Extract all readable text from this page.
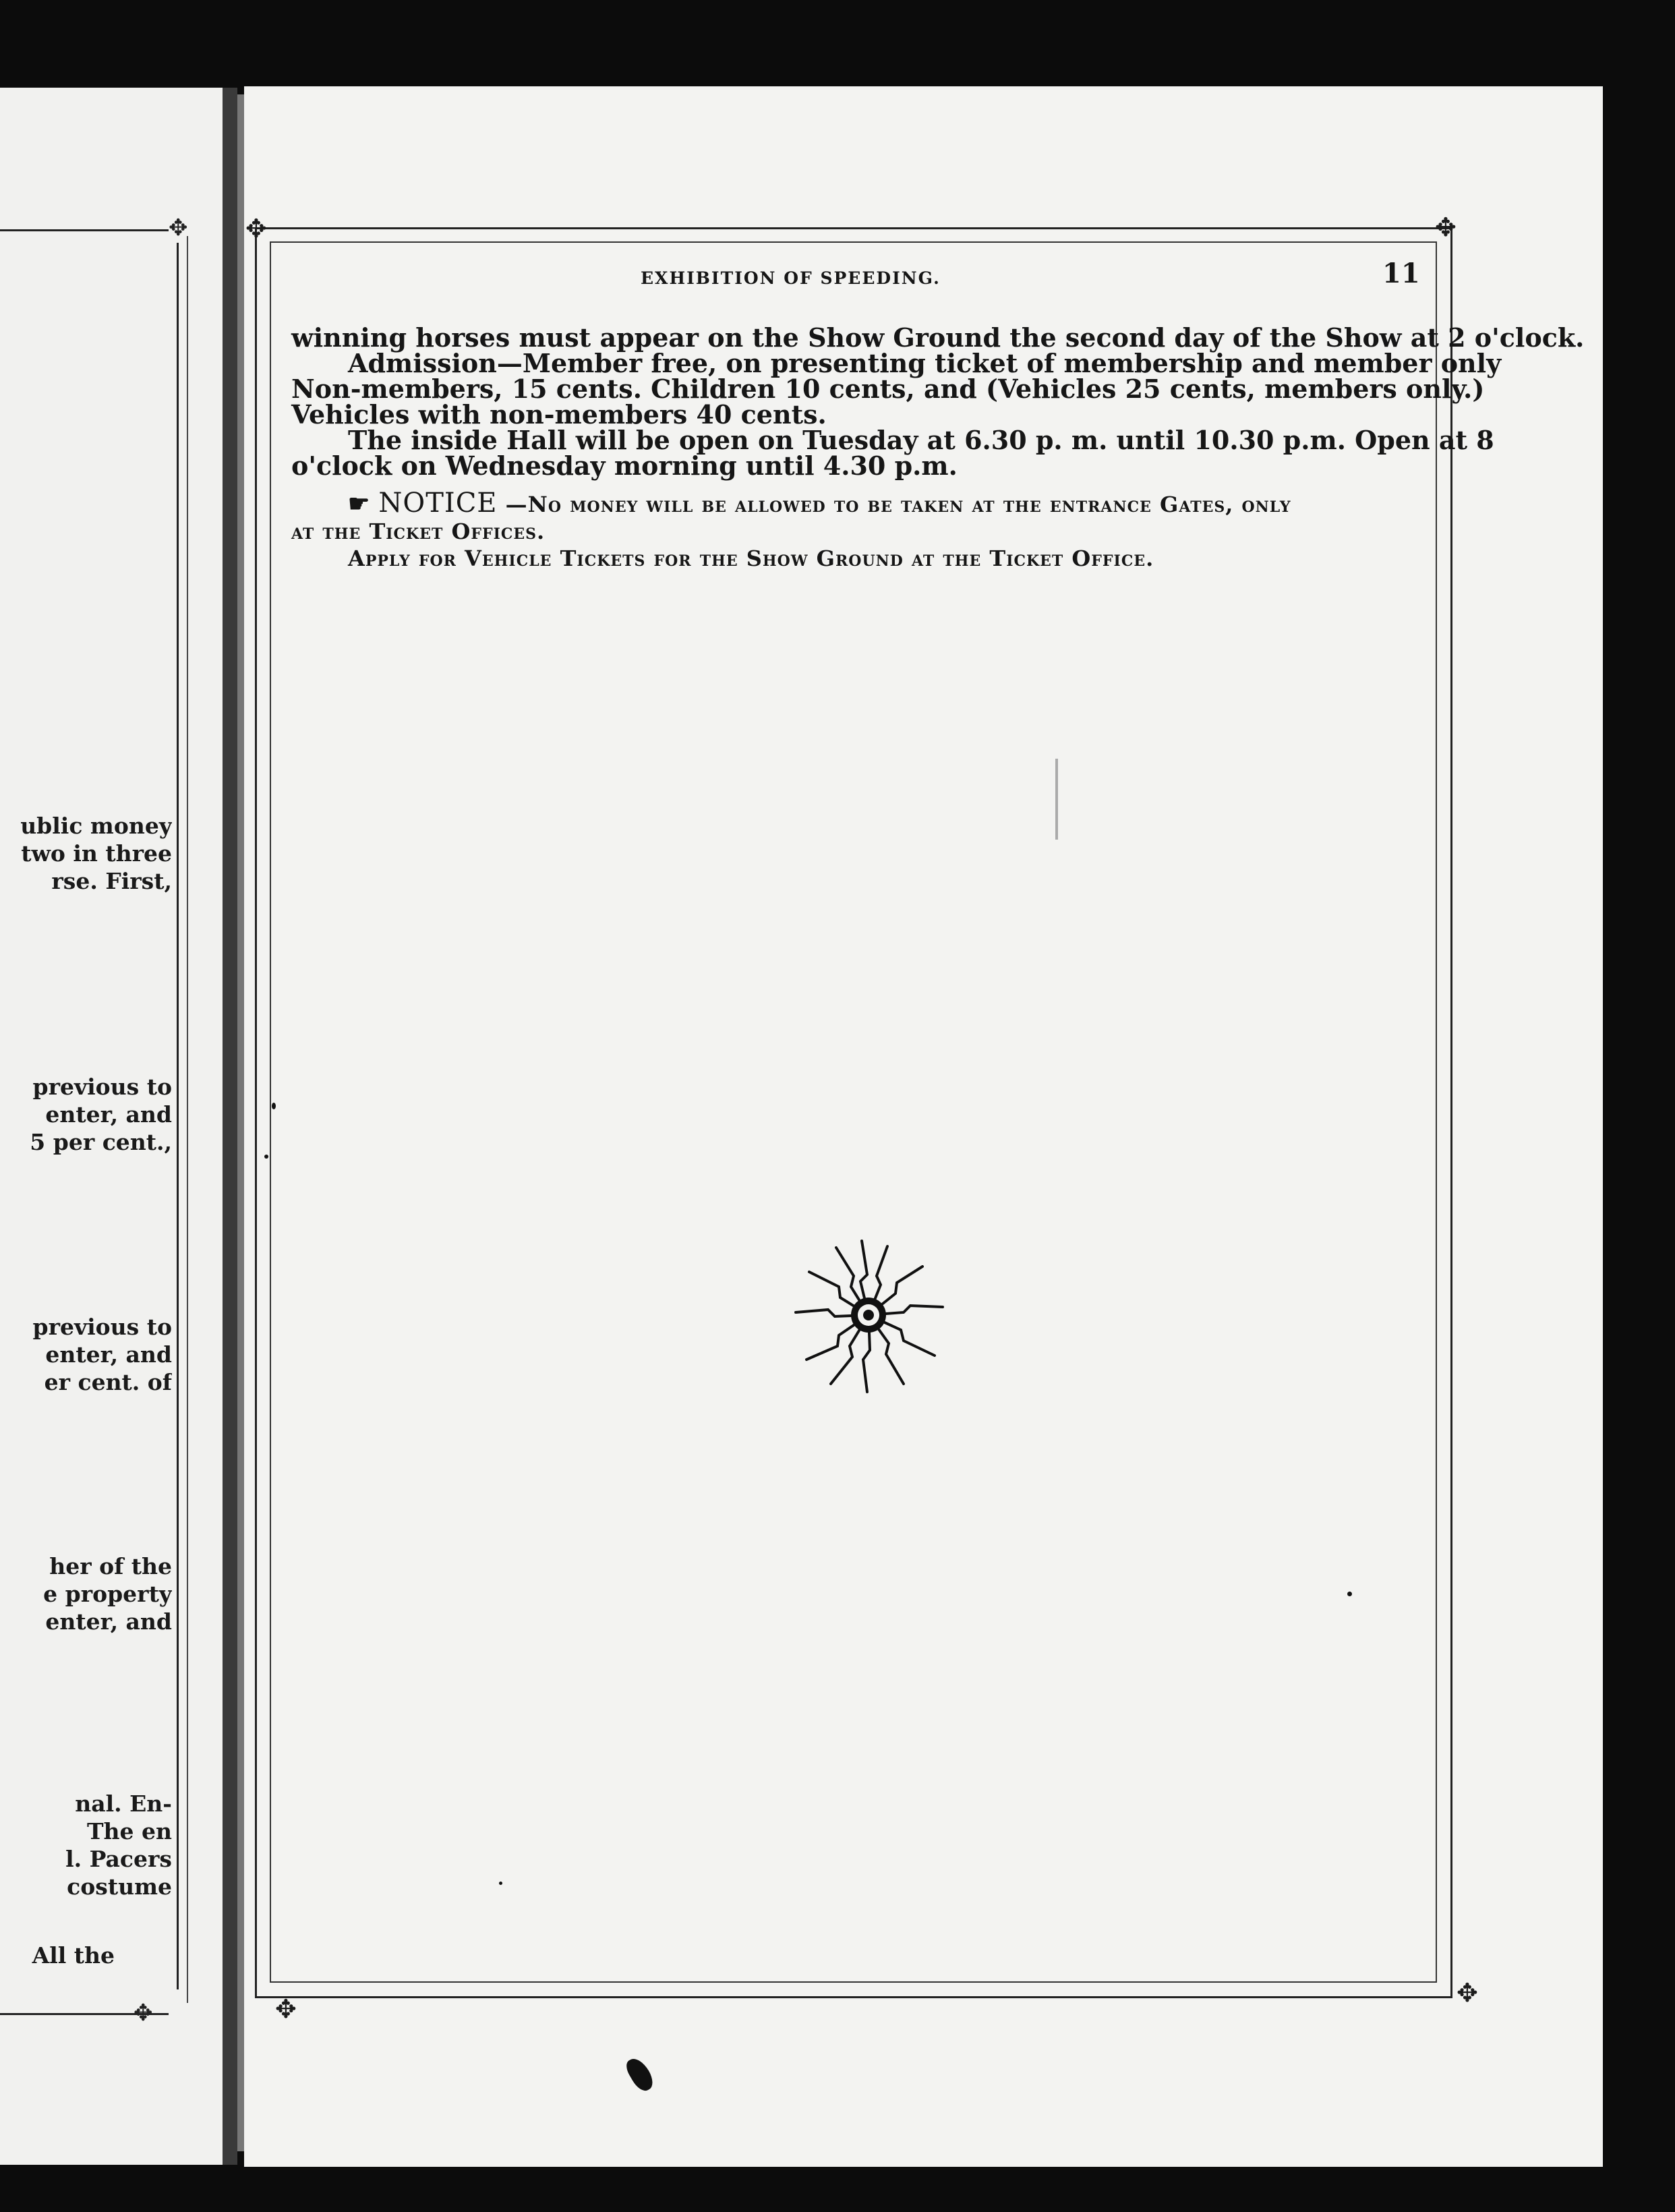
✥
✥
ublic money
two in three
rse. First,
previous to
enter, and
5 per cent.,
previous to
enter, and
er cent. of
her of the
e property
enter, and
nal. En-
The en
l. Pacers
costume
All the
✥	✥
✥
✥
EXHIBITION OF SPEEDING.	11

winning horses must appear on the Show Ground the second day of the Show at 2 o'clock.

Admission—Member free, on presenting ticket of membership and member only

Non-members, 15 cents. Children 10 cents, and (Vehicles 25 cents, members only.)

Vehicles with non-members 40 cents.

The inside Hall will be open on Tuesday at 6.30 p. m. until 10.30 p.m. Open at 8

o'clock on Wednesday morning until 4.30 p.m.

☛ NOTICE —No money will be allowed to be taken at the entrance Gates, only
at the Ticket Offices.
Apply for Vehicle Tickets for the Show Ground at the Ticket Office.
